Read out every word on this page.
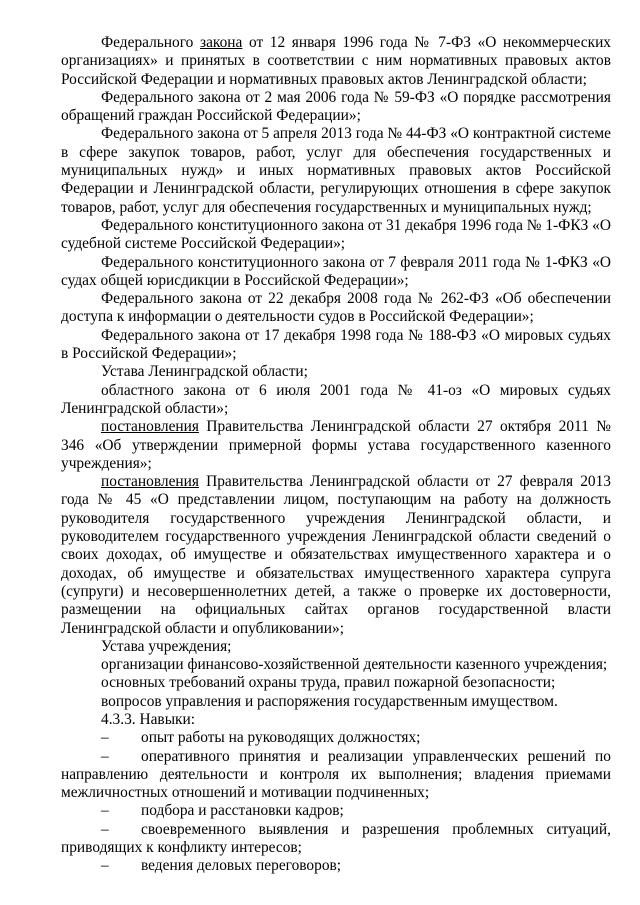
Федерального закона от 12 января 1996 года № 7-ФЗ «О некоммерческих организациях» и принятых в соответствии с ним нормативных правовых актов Российской Федерации и нормативных правовых актов Ленинградской области;

Федерального закона от 2 мая 2006 года № 59-ФЗ «О порядке рассмотрения обращений граждан Российской Федерации»;

Федерального закона от 5 апреля 2013 года № 44-ФЗ «О контрактной системе в сфере закупок товаров, работ, услуг для обеспечения государственных и муниципальных нужд» и иных нормативных правовых актов Российской Федерации и Ленинградской области, регулирующих отношения в сфере закупок товаров, работ, услуг для обеспечения государственных и муниципальных нужд;

Федерального конституционного закона от 31 декабря 1996 года № 1-ФКЗ «О судебной системе Российской Федерации»;

Федерального конституционного закона от 7 февраля 2011 года № 1-ФКЗ «О судах общей юрисдикции в Российской Федерации»;

Федерального закона от 22 декабря 2008 года № 262-ФЗ «Об обеспечении доступа к информации о деятельности судов в Российской Федерации»;

Федерального закона от 17 декабря 1998 года № 188-ФЗ «О мировых судьях в Российской Федерации»;

Устава Ленинградской области;

областного закона от 6 июля 2001 года № 41-оз «О мировых судьях Ленинградской области»;

постановления Правительства Ленинградской области 27 октября 2011 № 346 «Об утверждении примерной формы устава государственного казенного учреждения»;

постановления Правительства Ленинградской области от 27 февраля 2013 года № 45 «О представлении лицом, поступающим на работу на должность руководителя государственного учреждения Ленинградской области, и руководителем государственного учреждения Ленинградской области сведений о своих доходах, об имуществе и обязательствах имущественного характера и о доходах, об имуществе и обязательствах имущественного характера супруга (супруги) и несовершеннолетних детей, а также о проверке их достоверности, размещении на официальных сайтах органов государственной власти Ленинградской области и опубликовании»;

Устава учреждения;

организации финансово-хозяйственной деятельности казенного учреждения;

основных требований охраны труда, правил пожарной безопасности;

вопросов управления и распоряжения государственным имуществом.

4.3.3. Навыки:

– опыт работы на руководящих должностях;

– оперативного принятия и реализации управленческих решений по направлению деятельности и контроля их выполнения; владения приемами межличностных отношений и мотивации подчиненных;

– подбора и расстановки кадров;

– своевременного выявления и разрешения проблемных ситуаций, приводящих к конфликту интересов;

– ведения деловых переговоров;
